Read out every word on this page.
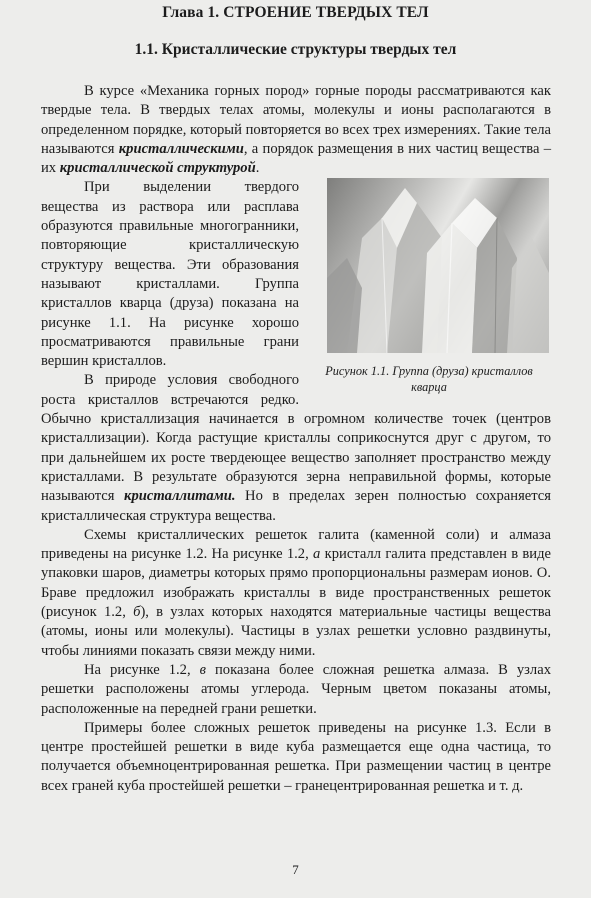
Глава 1. СТРОЕНИЕ ТВЕРДЫХ ТЕЛ
1.1. Кристаллические структуры твердых тел

В курсе «Механика горных пород» горные породы рассматриваются как твердые тела. В твердых телах атомы, молекулы и ионы располагаются в определенном порядке, который повторяется во всех трех измерениях. Такие тела называются кристаллическими, а порядок размещения в них частиц вещества – их кристаллической структурой.

Рисунок 1.1. Группа (друза) кристаллов кварца

При выделении твердого вещества из раствора или расплава образуются правильные многогранники, повторяющие кристаллическую структуру вещества. Эти образования называют кристаллами. Группа кристаллов кварца (друза) показана на рисунке 1.1. На рисунке хорошо просматриваются правильные грани вершин кристаллов.

В природе условия свободного роста кристаллов встречаются редко. Обычно кристаллизация начинается в огромном количестве точек (центров кристаллизации). Когда растущие кристаллы соприкоснутся друг с другом, то при дальнейшем их росте твердеющее вещество заполняет пространство между кристаллами. В результате образуются зерна неправильной формы, которые называются кристаллитами. Но в пределах зерен полностью сохраняется кристаллическая структура вещества.

Схемы кристаллических решеток галита (каменной соли) и алмаза приведены на рисунке 1.2. На рисунке 1.2, а кристалл галита представлен в виде упаковки шаров, диаметры которых прямо пропорциональны размерам ионов. О. Браве предложил изображать кристаллы в виде пространственных решеток (рисунок 1.2, б), в узлах которых находятся материальные частицы вещества (атомы, ионы или молекулы). Частицы в узлах решетки условно раздвинуты, чтобы линиями показать связи между ними.

На рисунке 1.2, в показана более сложная решетка алмаза. В узлах решетки расположены атомы углерода. Черным цветом показаны атомы, расположенные на передней грани решетки.

Примеры более сложных решеток приведены на рисунке 1.3. Если в центре простейшей решетки в виде куба размещается еще одна частица, то получается объемноцентрированная решетка. При размещении частиц в центре всех граней куба простейшей решетки – гранецентрированная решетка и т. д.

7
